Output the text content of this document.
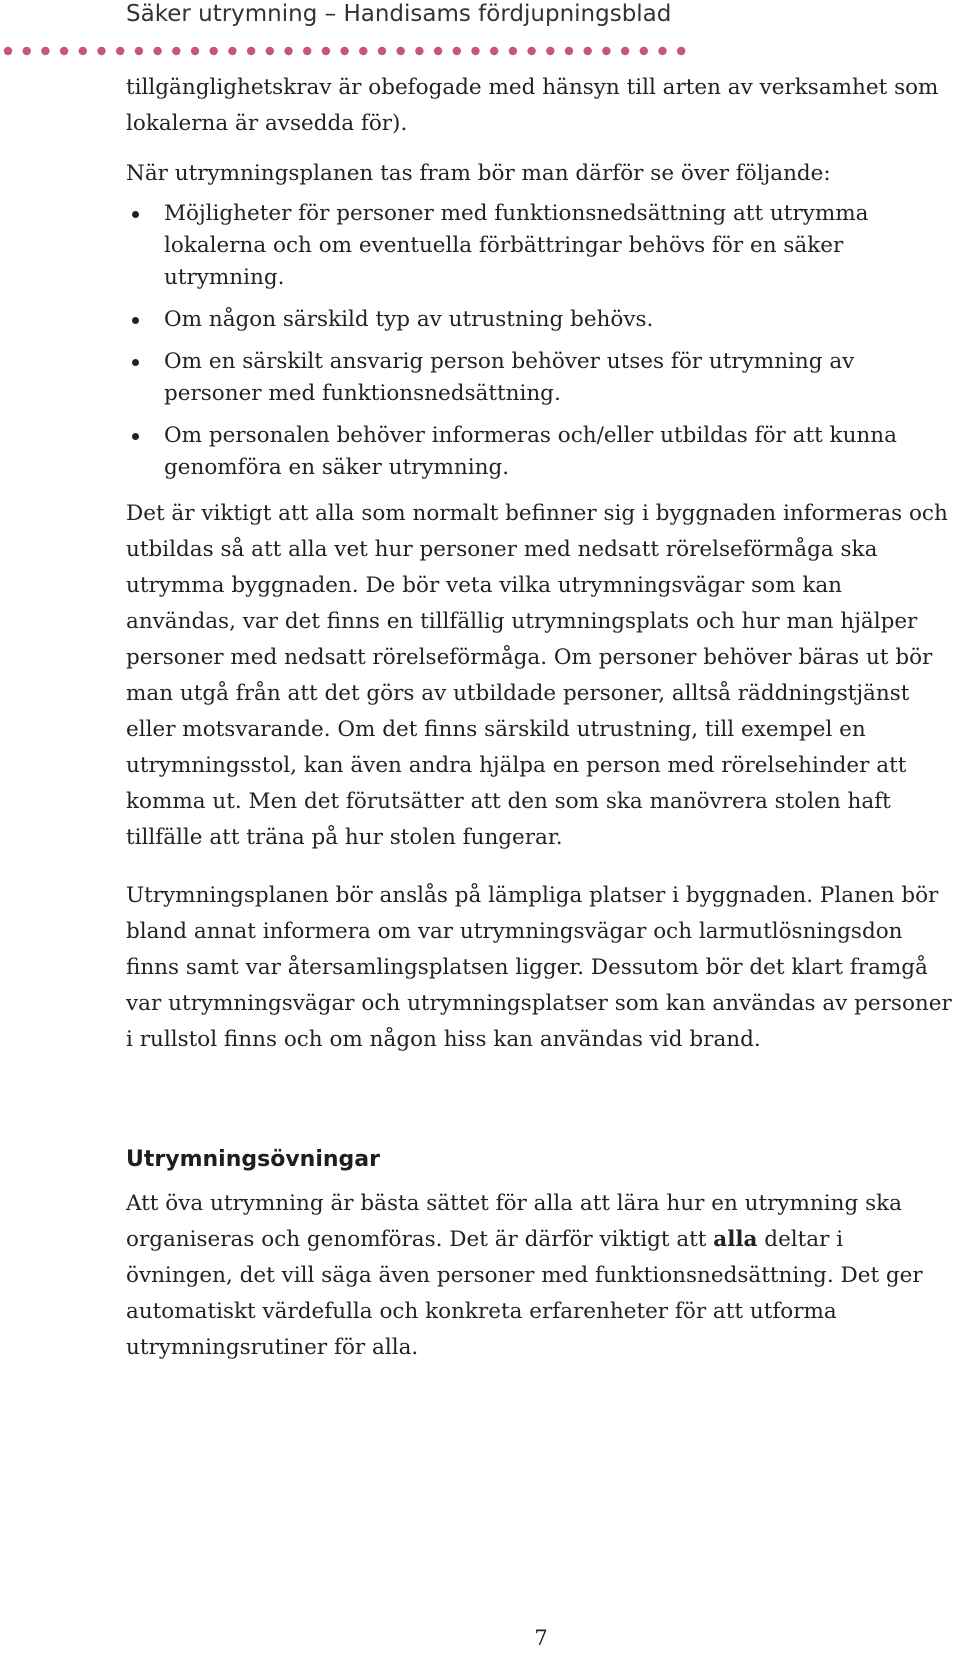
Säker utrymning – Handisams fördjupningsblad

tillgänglighetskrav är obefogade med hänsyn till arten av verksamhet som lokalerna är avsedda för).

När utrymningsplanen tas fram bör man därför se över följande:

Möjligheter för personer med funktionsnedsättning att utrymma lokalerna och om eventuella förbättringar behövs för en säker utrymning.
Om någon särskild typ av utrustning behövs.
Om en särskilt ansvarig person behöver utses för utrymning av personer med funktionsnedsättning.
Om personalen behöver informeras och/eller utbildas för att kunna genomföra en säker utrymning.

Det är viktigt att alla som normalt befinner sig i byggnaden informeras och utbildas så att alla vet hur personer med nedsatt rörelseförmåga ska utrymma byggnaden. De bör veta vilka utrymningsvägar som kan användas, var det finns en tillfällig utrymningsplats och hur man hjälper personer med nedsatt rörelseförmåga. Om personer behöver bäras ut bör man utgå från att det görs av utbildade personer, alltså räddningstjänst eller motsvarande. Om det finns särskild utrustning, till exempel en utrymningsstol, kan även andra hjälpa en person med rörelsehinder att komma ut. Men det förutsätter att den som ska manövrera stolen haft tillfälle att träna på hur stolen fungerar.

Utrymningsplanen bör anslås på lämpliga platser i byggnaden. Planen bör bland annat informera om var utrymningsvägar och larmutlösningsdon finns samt var återsamlingsplatsen ligger. Dessutom bör det klart framgå var utrymningsvägar och utrymningsplatser som kan användas av personer i rullstol finns och om någon hiss kan användas vid brand.

Utrymningsövningar

Att öva utrymning är bästa sättet för alla att lära hur en utrymning ska organiseras och genomföras. Det är därför viktigt att alla deltar i övningen, det vill säga även personer med funktionsnedsättning. Det ger automatiskt värdefulla och konkreta erfarenheter för att utforma utrymningsrutiner för alla.

7
